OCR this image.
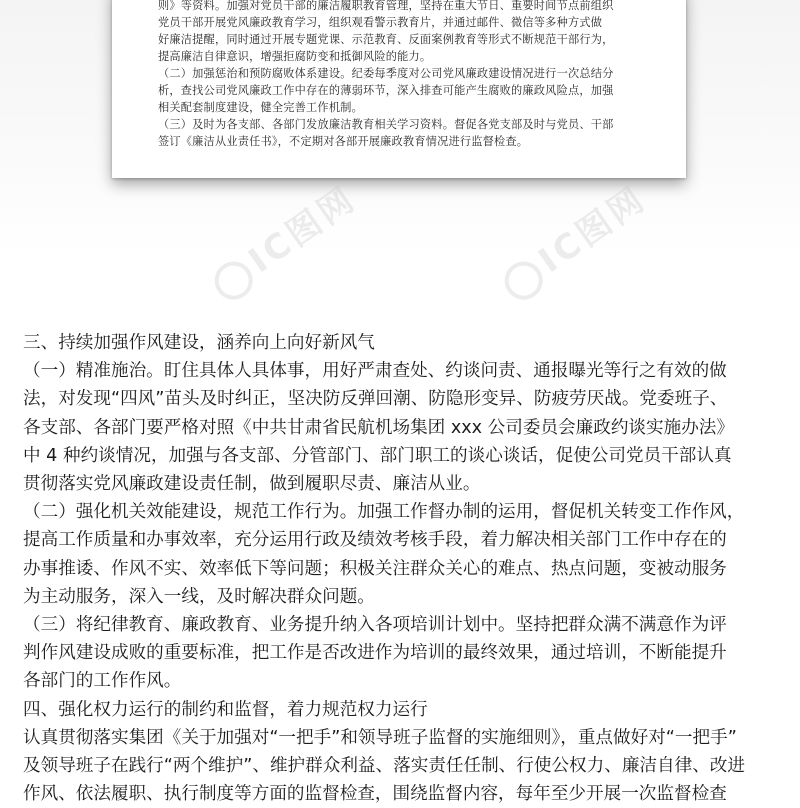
则》等资料。加强对党员干部的廉洁履职教育管理，坚持在重大节日、重要时间节点前组织

党员干部开展党风廉政教育学习，组织观看警示教育片，并通过邮件、微信等多种方式做

好廉洁提醒，同时通过开展专题党课、示范教育、反面案例教育等形式不断规范干部行为，

提高廉洁自律意识，增强拒腐防变和抵御风险的能力。

（二）加强惩治和预防腐败体系建设。纪委每季度对公司党风廉政建设情况进行一次总结分

析，查找公司党风廉政工作中存在的薄弱环节，深入排查可能产生腐败的廉政风险点，加强

相关配套制度建设，健全完善工作机制。

（三）及时为各支部、各部门发放廉洁教育相关学习资料。督促各党支部及时与党员、干部

签订《廉洁从业责任书》，不定期对各部开展廉政教育情况进行监督检查。

IC图网	IC图网

三、持续加强作风建设，涵养向上向好新风气

（一）精准施治。盯住具体人具体事，用好严肃查处、约谈问责、通报曝光等行之有效的做

法，对发现“四风”苗头及时纠正，坚决防反弹回潮、防隐形变异、防疲劳厌战。党委班子、

各支部、各部门要严格对照《中共甘肃省民航机场集团 xxx 公司委员会廉政约谈实施办法》

中 4 种约谈情况，加强与各支部、分管部门、部门职工的谈心谈话，促使公司党员干部认真

贯彻落实党风廉政建设责任制，做到履职尽责、廉洁从业。

（二）强化机关效能建设，规范工作行为。加强工作督办制的运用，督促机关转变工作作风，

提高工作质量和办事效率，充分运用行政及绩效考核手段，着力解决相关部门工作中存在的

办事推诿、作风不实、效率低下等问题；积极关注群众关心的难点、热点问题，变被动服务

为主动服务，深入一线，及时解决群众问题。

（三）将纪律教育、廉政教育、业务提升纳入各项培训计划中。坚持把群众满不满意作为评

判作风建设成败的重要标准，把工作是否改进作为培训的最终效果，通过培训，不断能提升

各部门的工作作风。

四、强化权力运行的制约和监督，着力规范权力运行

认真贯彻落实集团《关于加强对“一把手”和领导班子监督的实施细则》，重点做好对“一把手”

及领导班子在践行“两个维护”、维护群众利益、落实责任任制、行使公权力、廉洁自律、改进

作风、依法履职、执行制度等方面的监督检查，围绕监督内容，每年至少开展一次监督检查
